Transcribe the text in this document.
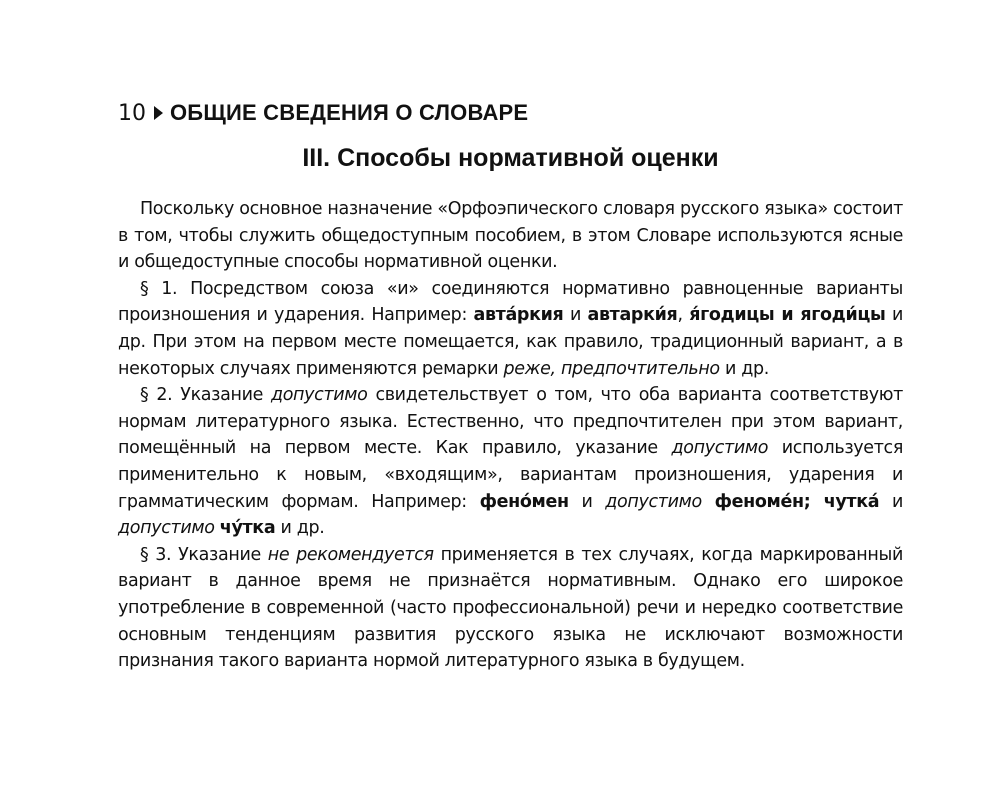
10 ОБЩИЕ СВЕДЕНИЯ О СЛОВАРЕ
III. Способы нормативной оценки

Поскольку основное назначение «Орфоэпического словаря русского языка» состоит в том, чтобы служить общедоступным пособием, в этом Словаре используются ясные и общедоступные способы нормативной оценки.

§ 1. Посредством союза «и» соединяются нормативно равноценные варианты произношения и ударения. Например: авта́ркия и автарки́я, я́годицы и ягоди́цы и др. При этом на первом месте помещается, как правило, традиционный вариант, а в некоторых случаях применяются ремарки реже, предпочтительно и др.

§ 2. Указание допустимо свидетельствует о том, что оба варианта соответствуют нормам литературного языка. Естественно, что предпочтителен при этом вариант, помещённый на первом месте. Как правило, указание допустимо используется применительно к новым, «входящим», вариантам произношения, ударения и грамматическим формам. Например: фено́мен и допустимо феноме́н; чутка́ и допустимо чу́тка и др.

§ 3. Указание не рекомендуется применяется в тех случаях, когда маркированный вариант в данное время не признаётся нормативным. Однако его широкое употребление в современной (часто профессиональной) речи и нередко соответствие основным тенденциям развития русского языка не исключают возможности признания такого варианта нормой литературного языка в будущем.
